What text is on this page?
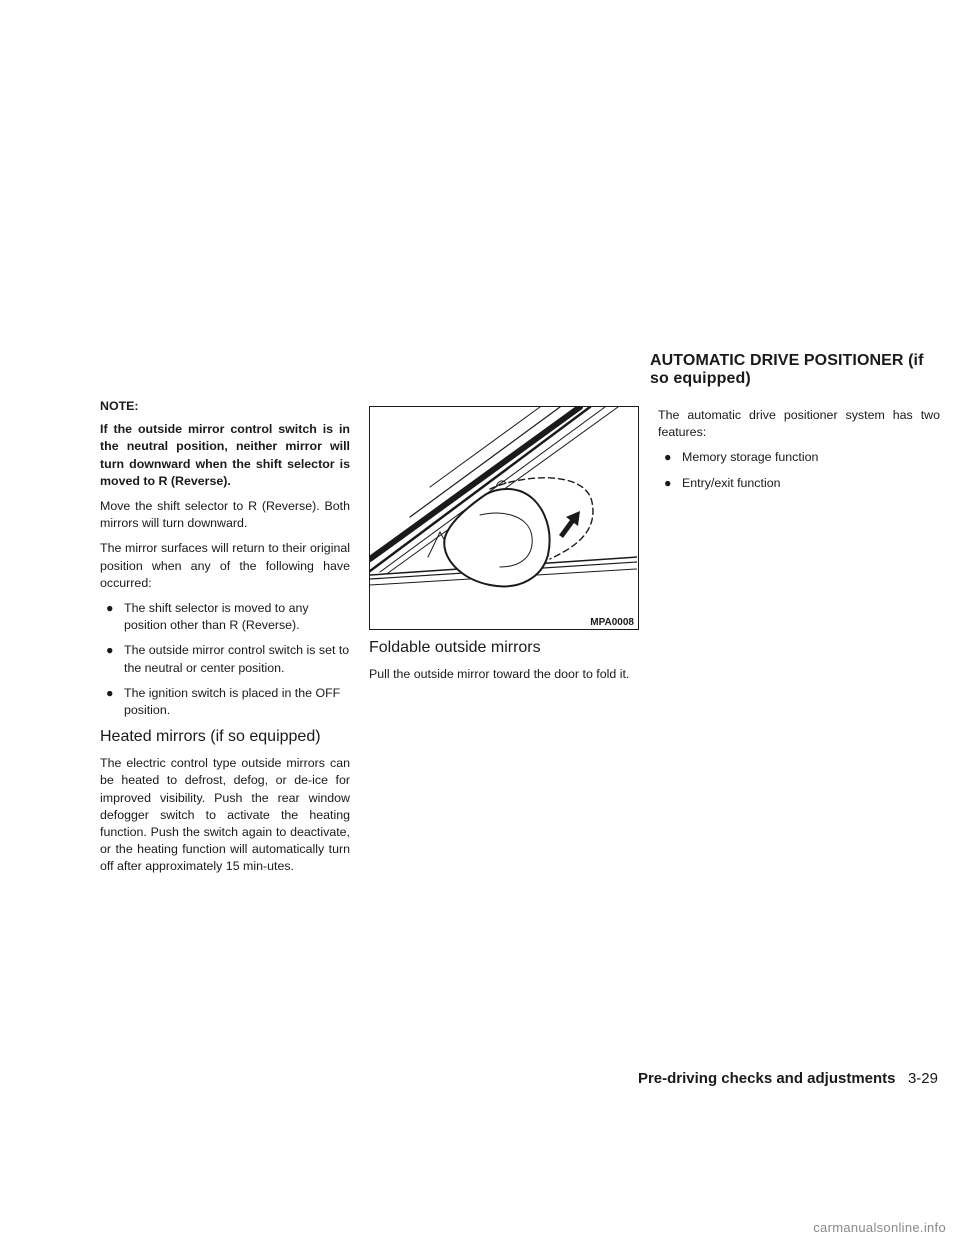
AUTOMATIC DRIVE POSITIONER (if so equipped)

NOTE:

If the outside mirror control switch is in the neutral position, neither mirror will turn downward when the shift selector is moved to R (Reverse).

Move the shift selector to R (Reverse). Both mirrors will turn downward.

The mirror surfaces will return to their original position when any of the following have occurred:

● The shift selector is moved to any position other than R (Reverse).
● The outside mirror control switch is set to the neutral or center position.
● The ignition switch is placed in the OFF position.
Heated mirrors (if so equipped)

The electric control type outside mirrors can be heated to defrost, defog, or de-ice for improved visibility. Push the rear window defogger switch to activate the heating function. Push the switch again to deactivate, or the heating function will automatically turn off after approximately 15 min-utes.

MPA0008
Foldable outside mirrors

Pull the outside mirror toward the door to fold it.

The automatic drive positioner system has two features:

● Memory storage function
● Entry/exit function
Pre-driving checks and adjustments 3-29
carmanualsonline.info
